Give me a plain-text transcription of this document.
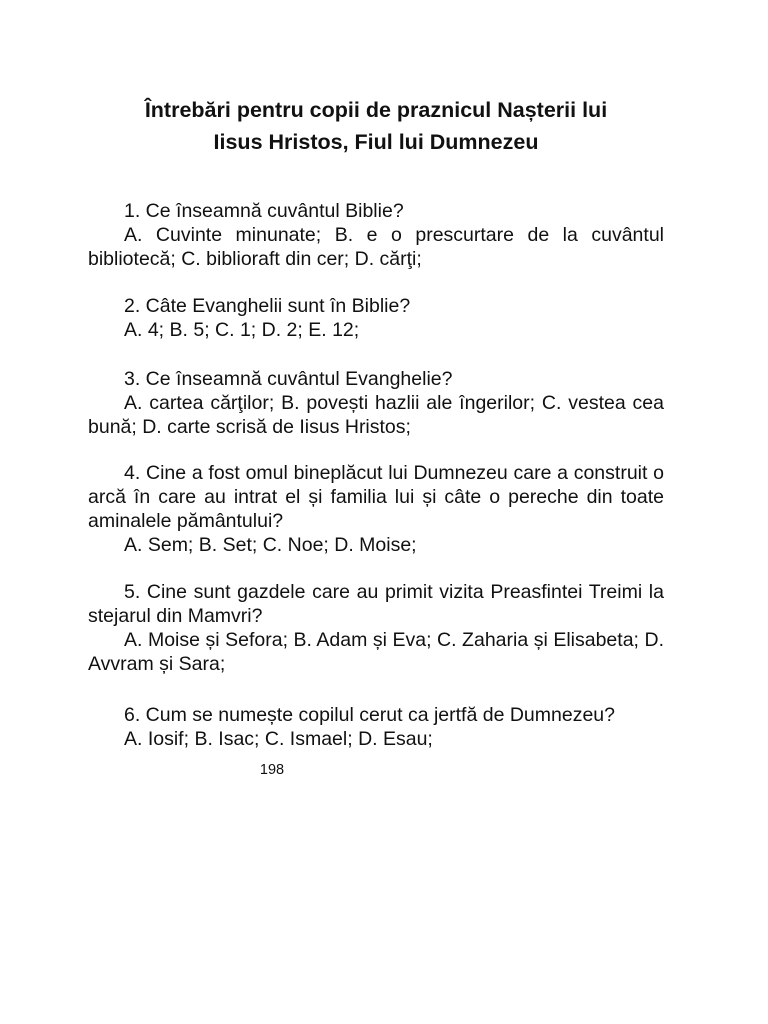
Întrebări pentru copii de praznicul Nașterii lui
Iisus Hristos, Fiul lui Dumnezeu
1. Ce înseamnă cuvântul Biblie?
A. Cuvinte minunate; B. e o prescurtare de la cuvântul bibliotecă; C. biblioraft din cer; D. cărţi;
2. Câte Evanghelii sunt în Biblie?
A. 4; B. 5; C. 1; D. 2; E. 12;
3. Ce înseamnă cuvântul Evanghelie?
A. cartea cărţilor; B. povești hazlii ale îngerilor; C. vestea cea bună; D. carte scrisă de Iisus Hristos;
4. Cine a fost omul bineplăcut lui Dumnezeu care a construit o arcă în care au intrat el și familia lui și câte o pereche din toate aminalele pământului?
A. Sem; B. Set; C. Noe; D. Moise;
5. Cine sunt gazdele care au primit vizita Preasfintei Treimi la stejarul din Mamvri?
A. Moise și Sefora; B. Adam și Eva; C. Zaharia și Elisabeta; D. Avvram și Sara;
6. Cum se numește copilul cerut ca jertfă de Dumnezeu?
A. Iosif; B. Isac; C. Ismael; D. Esau;
198
